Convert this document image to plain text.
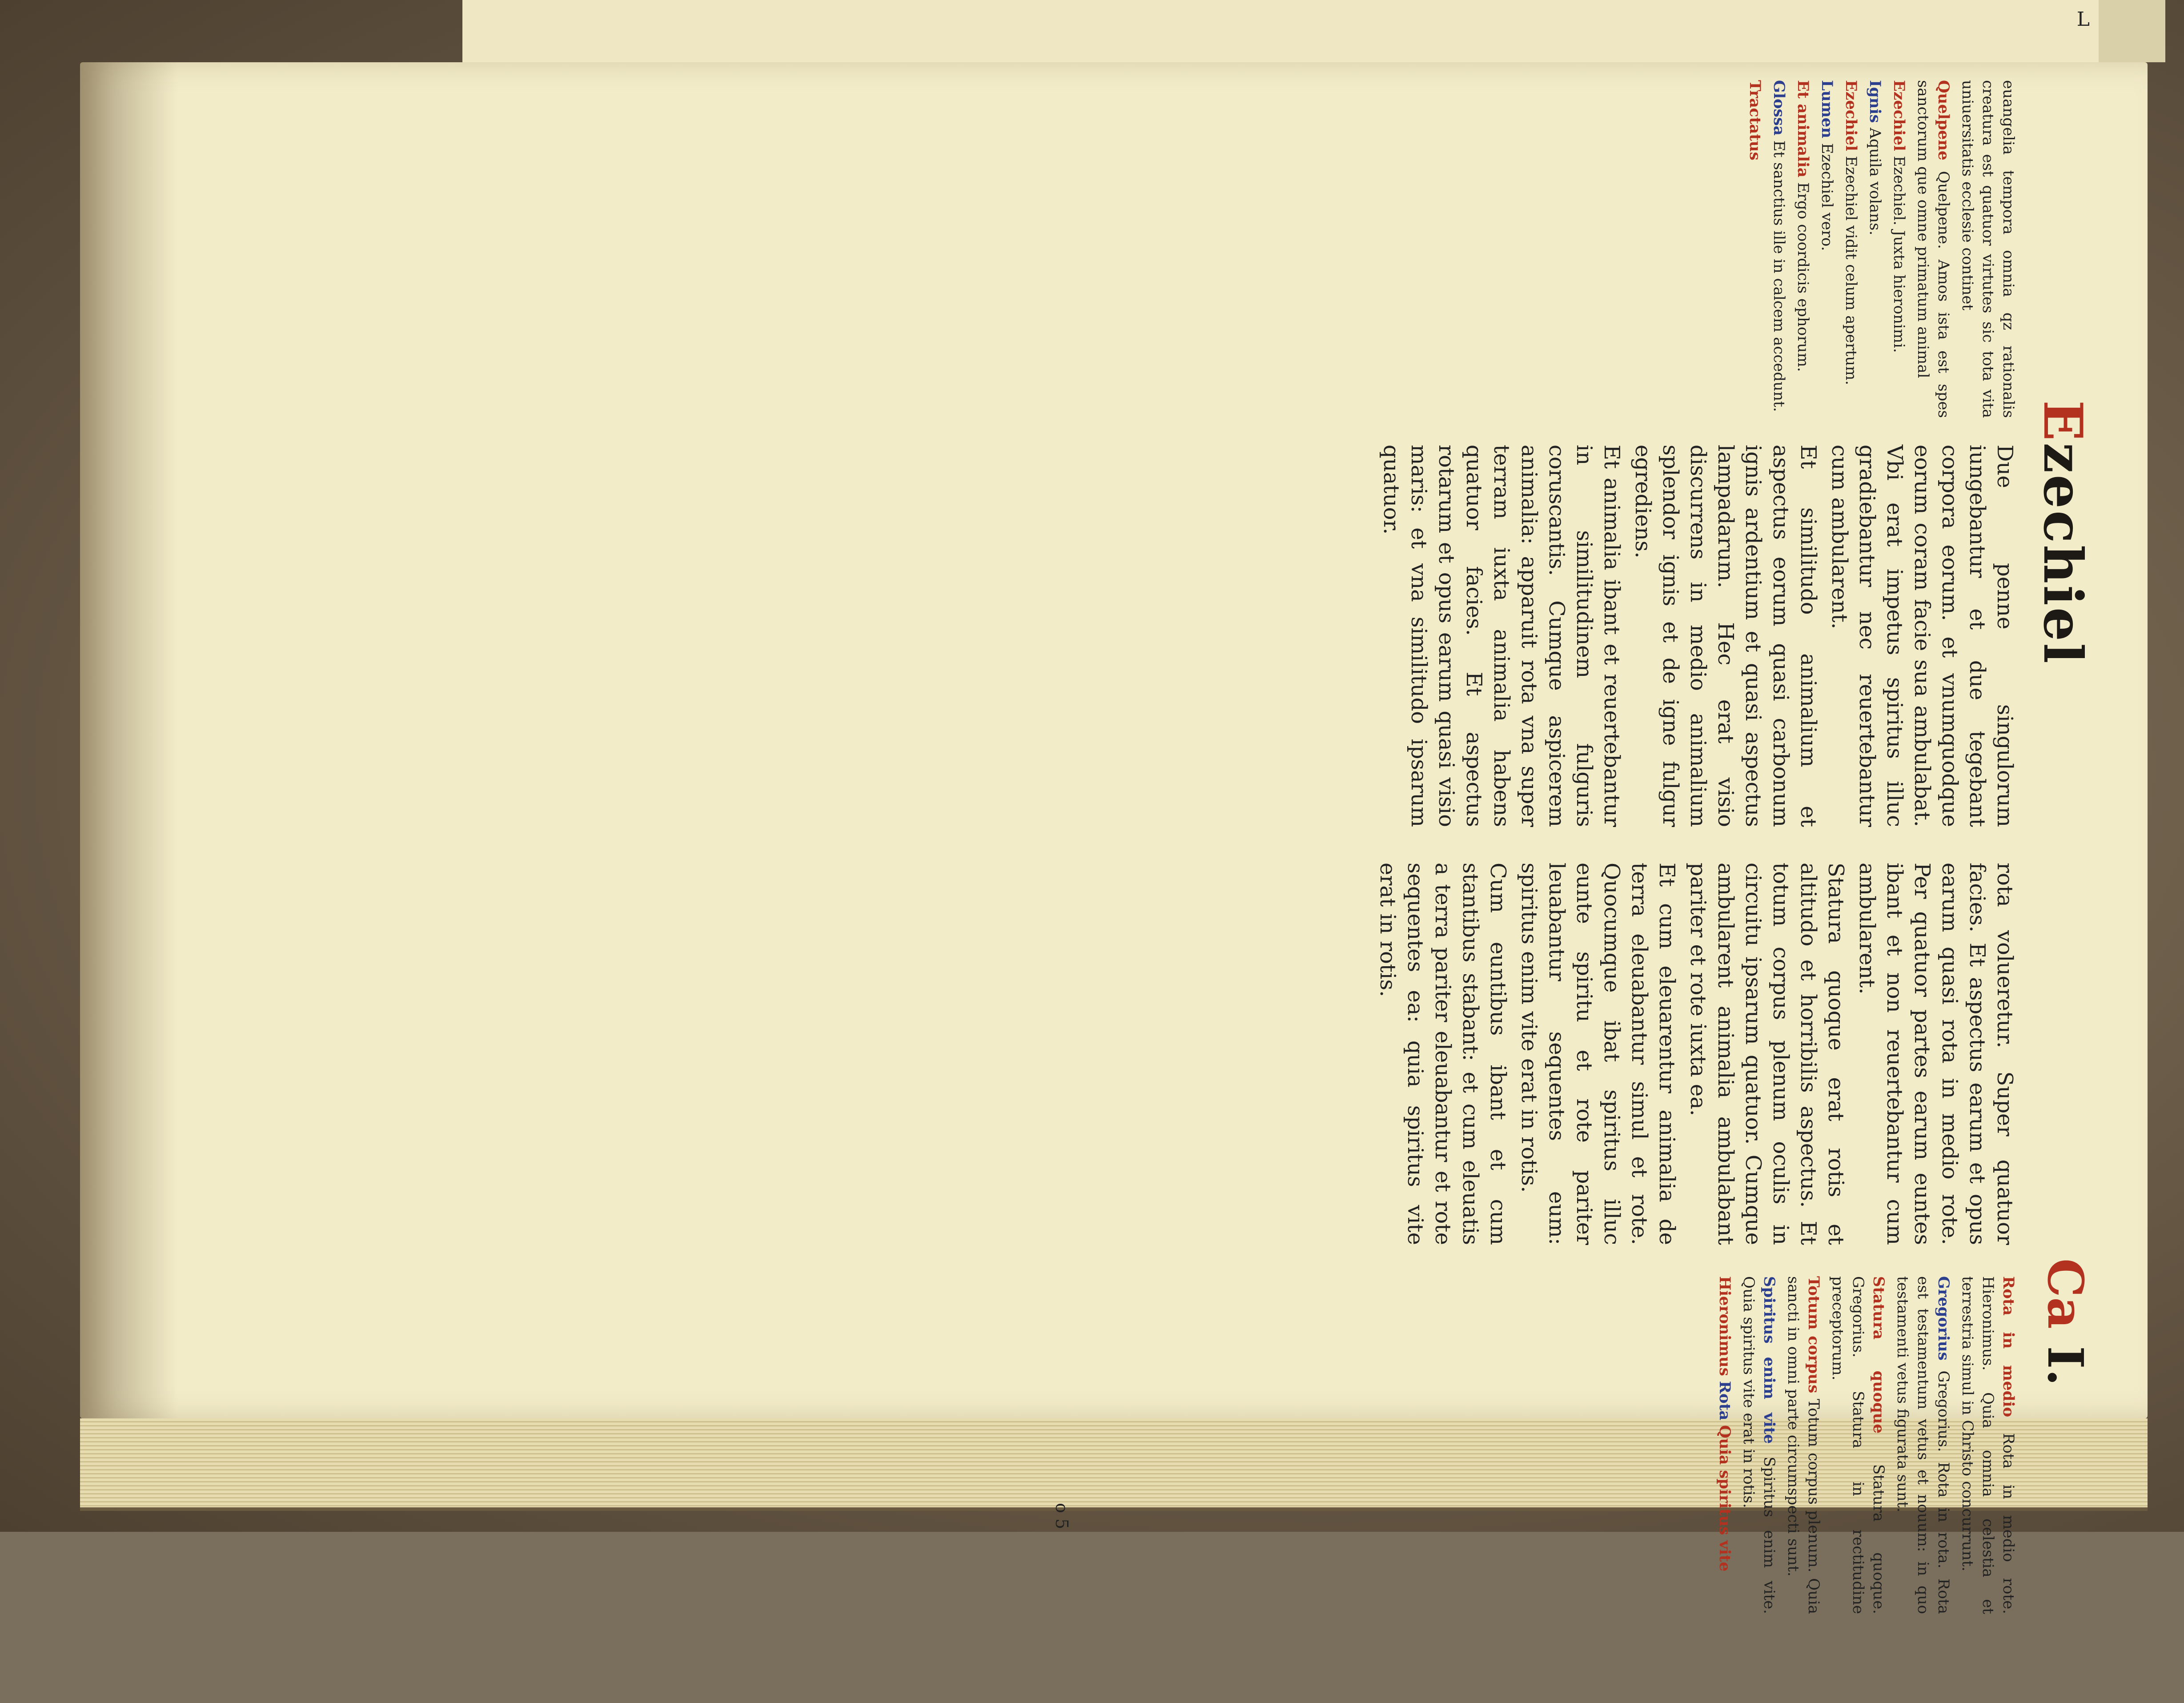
L
Ezechiel
Ca I.

euangelia tempora omnia qz rationalis creatura est quatuor virtutes sic tota vita uniuersitatis ecclesie continet

Quelpene Quelpene. Amos ista est spes sanctorum que omne primatum animal

Ezechiel Ezechiel. Juxta hieronimi.

Ignis Aquila volans.

Ezechiel Ezechiel vidit celum apertum.

Lumen Ezechiel vero.

Et animalia Ergo coordicis ephorum.

Glossa Et sanctius ille in calcem accedunt.

Tractatus

Due penne singulorum iungebantur et due tegebant corpora eorum. et vnumquodque eorum coram facie sua ambulabat. Vbi erat impetus spiritus illuc gradiebantur nec reuertebantur cum ambularent.

Et similitudo animalium et aspectus eorum quasi carbonum ignis ardentium et quasi aspectus lampadarum. Hec erat visio discurrens in medio animalium splendor ignis et de igne fulgur egrediens.

Et animalia ibant et reuertebantur in similitudinem fulguris coruscantis. Cumque aspicerem animalia: apparuit rota vna super terram iuxta animalia habens quatuor facies. Et aspectus rotarum et opus earum quasi visio maris: et vna similitudo ipsarum quatuor.

rota volueretur. Super quatuor facies. Et aspectus earum et opus earum quasi rota in medio rote. Per quatuor partes earum euntes ibant et non reuertebantur cum ambularent.

Statura quoque erat rotis et altitudo et horribilis aspectus. Et totum corpus plenum oculis in circuitu ipsarum quatuor. Cumque ambularent animalia ambulabant pariter et rote iuxta ea.

Et cum eleuarentur animalia de terra eleuabantur simul et rote. Quocumque ibat spiritus illuc eunte spiritu et rote pariter leuabantur sequentes eum: spiritus enim vite erat in rotis.

Cum euntibus ibant et cum stantibus stabant: et cum eleuatis a terra pariter eleuabantur et rote sequentes ea: quia spiritus vite erat in rotis.

Rota in medio Rota in medio rote. Hieronimus. Quia omnia celestia et terrestria simul in Christo concurrunt.

Gregorius Gregorius. Rota in rota. Rota est testamentum vetus et nouum: in quo testamenti vetus figurata sunt.

Statura quoque Statura quoque. Gregorius. Statura in rectitudine preceptorum.

Totum corpus Totum corpus plenum. Quia sancti in omni parte circumspecti sunt.

Spiritus enim vite Spiritus enim vite. Quia spiritus vite erat in rotis.

Hieronimus Rota Quia spiritus vite

o 5
